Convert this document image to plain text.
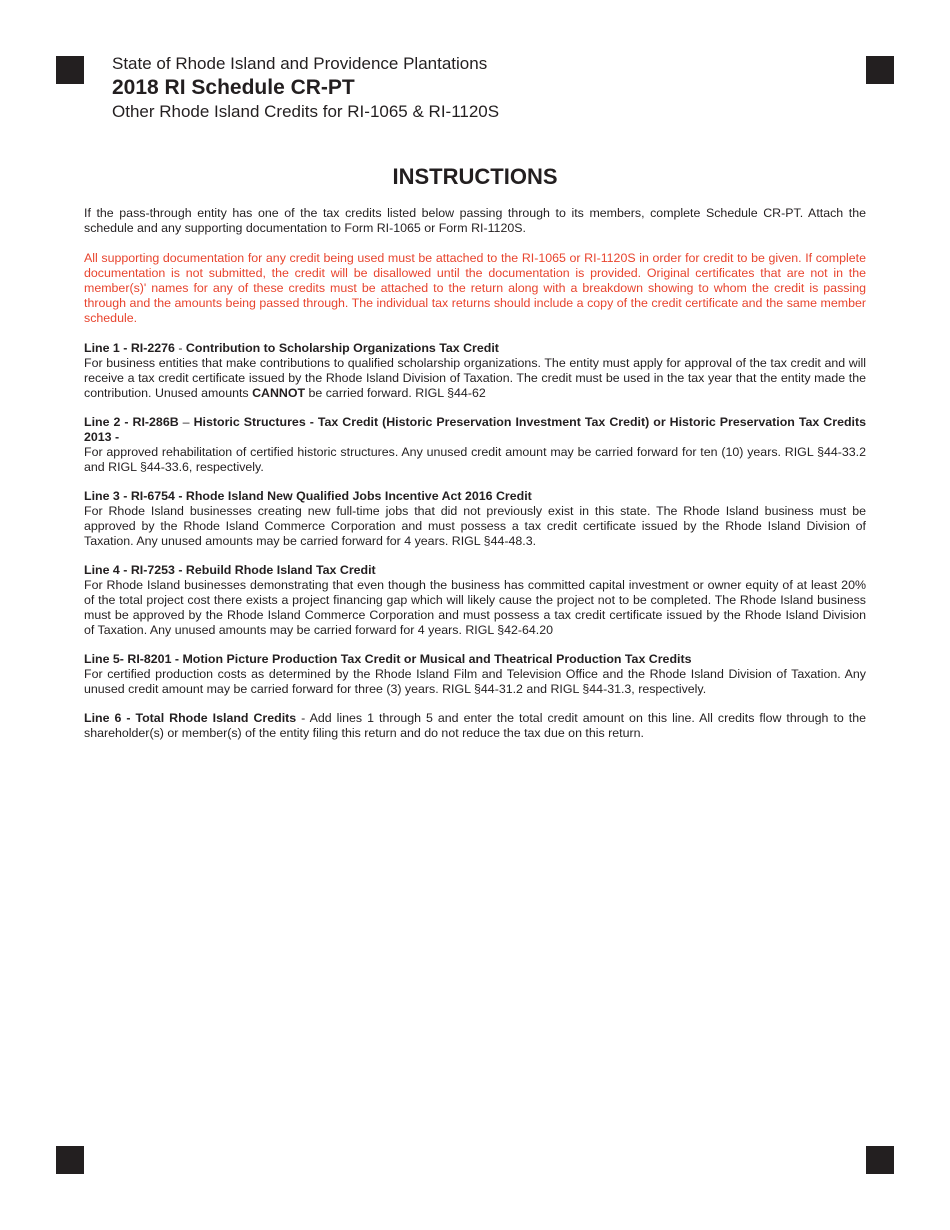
State of Rhode Island and Providence Plantations
2018 RI Schedule CR-PT
Other Rhode Island Credits for RI-1065 & RI-1120S
INSTRUCTIONS

If the pass-through entity has one of the tax credits listed below passing through to its members, complete Schedule CR-PT. Attach the schedule and any supporting documentation to Form RI-1065 or Form RI-1120S.

All supporting documentation for any credit being used must be attached to the RI-1065 or RI-1120S in order for credit to be given. If complete documentation is not submitted, the credit will be disallowed until the documentation is provided. Original certificates that are not in the member(s)' names for any of these credits must be attached to the return along with a breakdown showing to whom the credit is passing through and the amounts being passed through. The individual tax returns should include a copy of the credit certificate and the same member schedule.

Line 1 - RI-2276 - Contribution to Scholarship Organizations Tax Credit

For business entities that make contributions to qualified scholarship organizations. The entity must apply for approval of the tax credit and will receive a tax credit certificate issued by the Rhode Island Division of Taxation. The credit must be used in the tax year that the entity made the contribution. Unused amounts CANNOT be carried forward. RIGL §44-62

Line 2 - RI-286B – Historic Structures - Tax Credit (Historic Preservation Investment Tax Credit) or Historic Preservation Tax Credits 2013 -

For approved rehabilitation of certified historic structures. Any unused credit amount may be carried forward for ten (10) years. RIGL §44-33.2 and RIGL §44-33.6, respectively.

Line 3 - RI-6754 - Rhode Island New Qualified Jobs Incentive Act 2016 Credit

For Rhode Island businesses creating new full-time jobs that did not previously exist in this state. The Rhode Island business must be approved by the Rhode Island Commerce Corporation and must possess a tax credit certificate issued by the Rhode Island Division of Taxation. Any unused amounts may be carried forward for 4 years. RIGL §44-48.3.

Line 4 - RI-7253 - Rebuild Rhode Island Tax Credit

For Rhode Island businesses demonstrating that even though the business has committed capital investment or owner equity of at least 20% of the total project cost there exists a project financing gap which will likely cause the project not to be completed. The Rhode Island business must be approved by the Rhode Island Commerce Corporation and must possess a tax credit certificate issued by the Rhode Island Division of Taxation. Any unused amounts may be carried forward for 4 years. RIGL §42-64.20

Line 5- RI-8201 - Motion Picture Production Tax Credit or Musical and Theatrical Production Tax Credits

For certified production costs as determined by the Rhode Island Film and Television Office and the Rhode Island Division of Taxation. Any unused credit amount may be carried forward for three (3) years. RIGL §44-31.2 and RIGL §44-31.3, respectively.

Line 6 - Total Rhode Island Credits - Add lines 1 through 5 and enter the total credit amount on this line. All credits flow through to the shareholder(s) or member(s) of the entity filing this return and do not reduce the tax due on this return.
